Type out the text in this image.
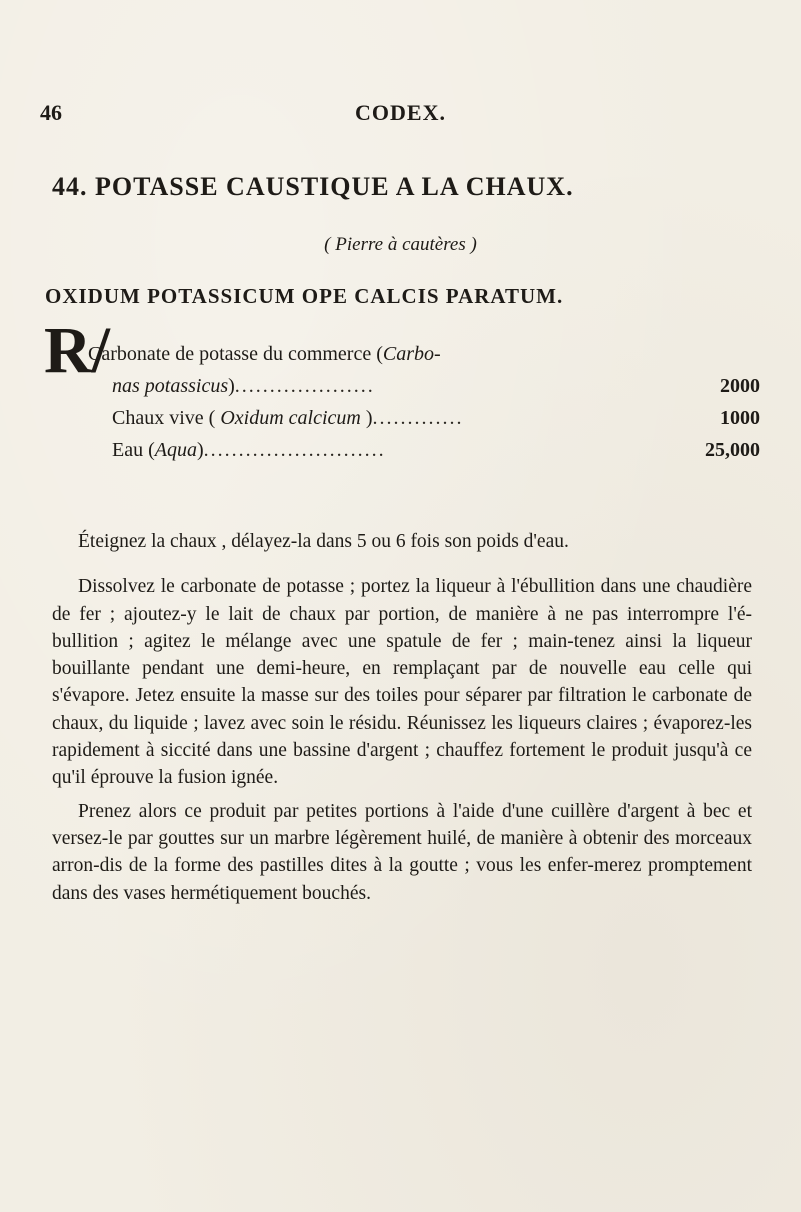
46	CODEX.
44. POTASSE CAUSTIQUE A LA CHAUX.
( Pierre à cautères )
OXIDUM POTASSICUM OPE CALCIS PARATUM.
R/
Carbonate de potasse du commerce (Carbo-
nas potassicus)....................	2000
Chaux vive ( Oxidum calcicum ).............	1000
Eau (Aqua)..........................	25,000

Éteignez la chaux , délayez-la dans 5 ou 6 fois son poids d'eau.

Dissolvez le carbonate de potasse ; portez la liqueur à l'ébullition dans une chaudière de fer ; ajoutez-y le lait de chaux par portion, de manière à ne pas interrompre l'é-bullition ; agitez le mélange avec une spatule de fer ; main-tenez ainsi la liqueur bouillante pendant une demi-heure, en remplaçant par de nouvelle eau celle qui s'évapore. Jetez ensuite la masse sur des toiles pour séparer par filtration le carbonate de chaux, du liquide ; lavez avec soin le résidu. Réunissez les liqueurs claires ; évaporez-les rapidement à siccité dans une bassine d'argent ; chauffez fortement le produit jusqu'à ce qu'il éprouve la fusion ignée.

Prenez alors ce produit par petites portions à l'aide d'une cuillère d'argent à bec et versez-le par gouttes sur un marbre légèrement huilé, de manière à obtenir des morceaux arron-dis de la forme des pastilles dites à la goutte ; vous les enfer-merez promptement dans des vases hermétiquement bouchés.
